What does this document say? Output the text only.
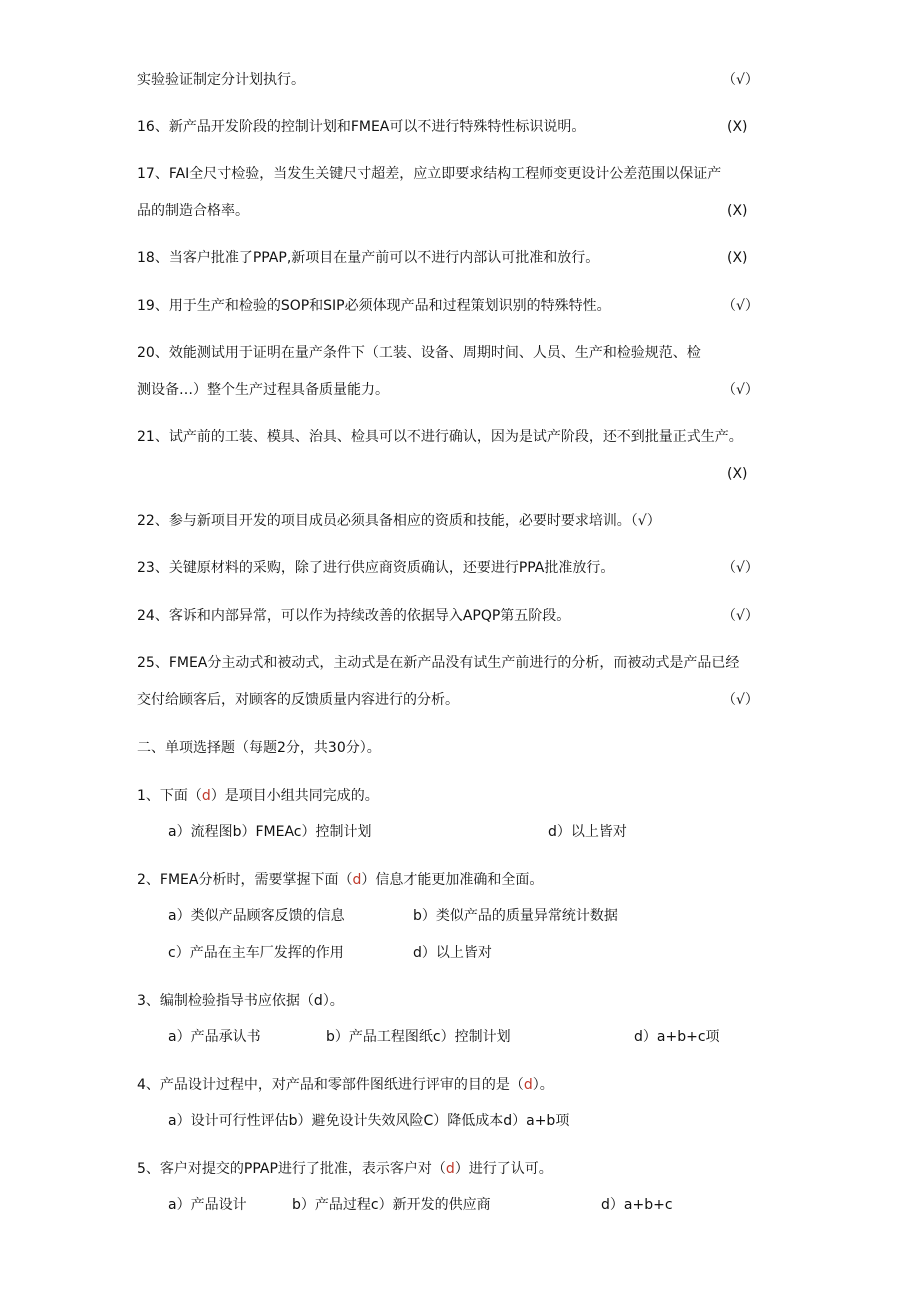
实验验证制定分计划执行。	（√）
16、新产品开发阶段的控制计划和FMEA可以不进行特殊特性标识说明。	(X)
17、FAI全尺寸检验，当发生关键尺寸超差，应立即要求结构工程师变更设计公差范围以保证产
品的制造合格率。	(X)
18、当客户批准了PPAP,新项目在量产前可以不进行内部认可批准和放行。	(X)
19、用于生产和检验的SOP和SIP必须体现产品和过程策划识别的特殊特性。	（√）
20、效能测试用于证明在量产条件下（工装、设备、周期时间、人员、生产和检验规范、检
测设备…）整个生产过程具备质量能力。	（√）
21、试产前的工装、模具、治具、检具可以不进行确认，因为是试产阶段，还不到批量正式生产。
(X)
22、参与新项目开发的项目成员必须具备相应的资质和技能，必要时要求培训。（√）
23、关键原材料的采购，除了进行供应商资质确认，还要进行PPA批准放行。	（√）
24、客诉和内部异常，可以作为持续改善的依据导入APQP第五阶段。	（√）
25、FMEA分主动式和被动式，主动式是在新产品没有试生产前进行的分析，而被动式是产品已经
交付给顾客后，对顾客的反馈质量内容进行的分析。	（√）
二、单项选择题（每题2分，共30分）。
1、下面（d）是项目小组共同完成的。
a）流程图b）FMEAc）控制计划	d）以上皆对
2、FMEA分析时，需要掌握下面（d）信息才能更加准确和全面。
a）类似产品顾客反馈的信息	b）类似产品的质量异常统计数据
c）产品在主车厂发挥的作用	d）以上皆对
3、编制检验指导书应依据（d）。
a）产品承认书	b）产品工程图纸c）控制计划	d）a+b+c项
4、产品设计过程中，对产品和零部件图纸进行评审的目的是（d）。
a）设计可行性评估b）避免设计失效风险C）降低成本d）a+b项
5、客户对提交的PPAP进行了批准，表示客户对（d）进行了认可。
a）产品设计	b）产品过程c）新开发的供应商	d）a+b+c
